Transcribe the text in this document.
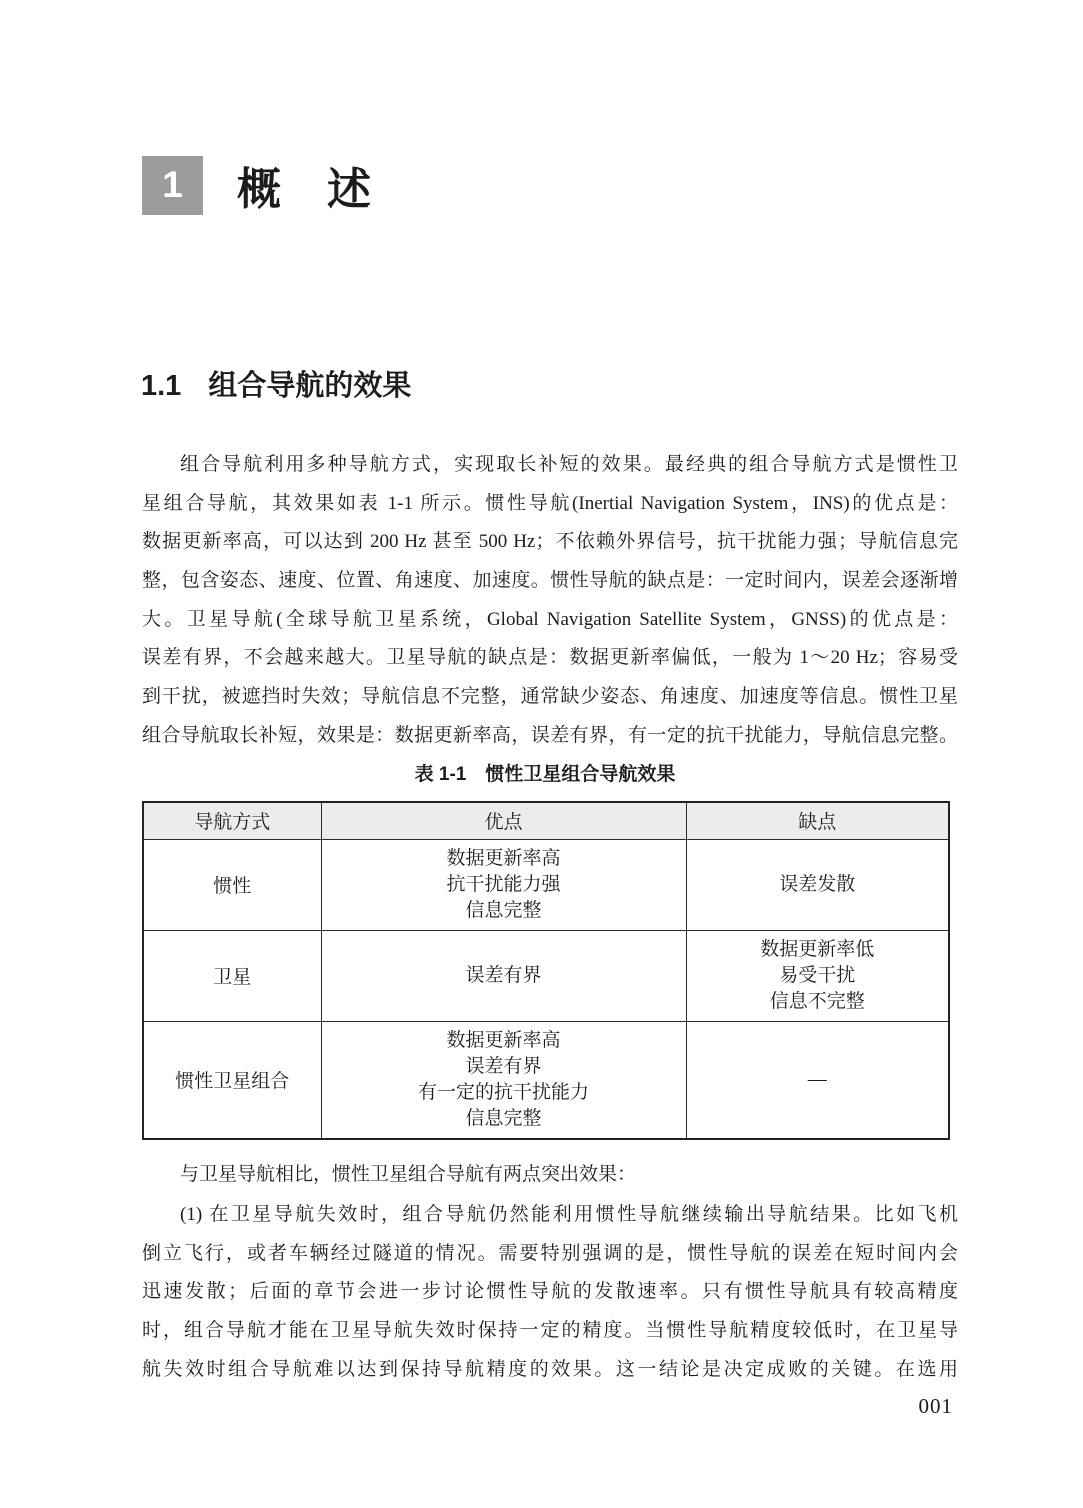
1 概　述
1.1 组合导航的效果
组合导航利用多种导航方式，实现取长补短的效果。最经典的组合导航方式是惯性卫
星组合导航，其效果如表 1-1 所示。惯性导航(Inertial Navigation System，INS)的优点是：
数据更新率高，可以达到 200 Hz 甚至 500 Hz；不依赖外界信号，抗干扰能力强；导航信息完
整，包含姿态、速度、位置、角速度、加速度。惯性导航的缺点是：一定时间内，误差会逐渐增
大。卫星导航(全球导航卫星系统，Global Navigation Satellite System，GNSS)的优点是：
误差有界，不会越来越大。卫星导航的缺点是：数据更新率偏低，一般为 1～20 Hz；容易受
到干扰，被遮挡时失效；导航信息不完整，通常缺少姿态、角速度、加速度等信息。惯性卫星
组合导航取长补短，效果是：数据更新率高，误差有界，有一定的抗干扰能力，导航信息完整。
表 1-1　惯性卫星组合导航效果
导航方式	优点	缺点
惯性	数据更新率高
抗干扰能力强
信息完整	误差发散

卫星	误差有界	数据更新率低
易受干扰
信息不完整

惯性卫星组合	数据更新率高
误差有界
有一定的抗干扰能力
信息完整	—
与卫星导航相比，惯性卫星组合导航有两点突出效果：
(1) 在卫星导航失效时，组合导航仍然能利用惯性导航继续输出导航结果。比如飞机
倒立飞行，或者车辆经过隧道的情况。需要特别强调的是，惯性导航的误差在短时间内会
迅速发散；后面的章节会进一步讨论惯性导航的发散速率。只有惯性导航具有较高精度
时，组合导航才能在卫星导航失效时保持一定的精度。当惯性导航精度较低时，在卫星导
航失效时组合导航难以达到保持导航精度的效果。这一结论是决定成败的关键。在选用
001
